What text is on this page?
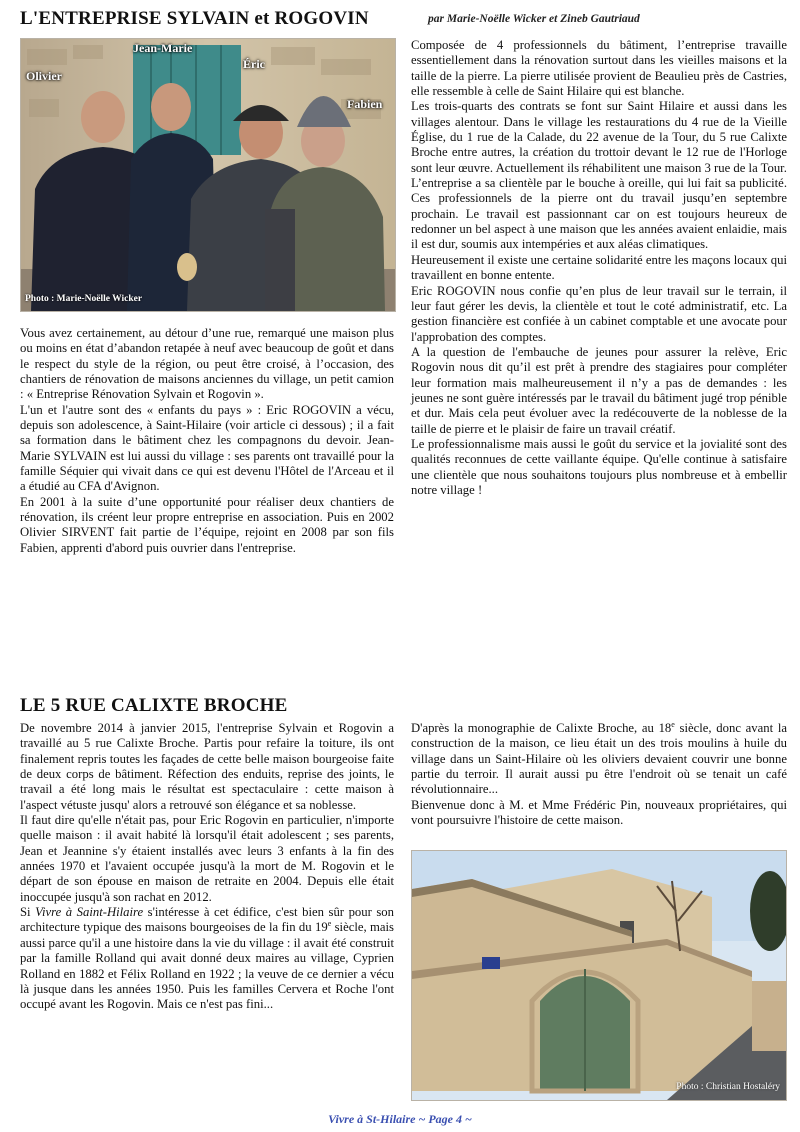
L'ENTREPRISE SYLVAIN et ROGOVIN	par Marie-Noëlle Wicker et Zineb Gautriaud
Olivier
Jean-Marie
Éric
Fabien
Photo : Marie-Noëlle Wicker

Vous avez certainement, au détour d’une rue, remarqué une maison plus ou moins en état d’abandon retapée à neuf avec beaucoup de goût et dans le respect du style de la région, ou peut être croisé, à l’occasion, des chantiers de rénovation de maisons anciennes du village, un petit camion : « Entreprise Rénovation Sylvain et Rogovin ».

L'un et l'autre sont des « enfants du pays » : Eric ROGOVIN a vécu, depuis son adolescence, à Saint-Hilaire (voir article ci dessous) ; il a fait sa formation dans le bâtiment chez les compagnons du devoir. Jean-Marie SYLVAIN est lui aussi du village : ses parents ont travaillé pour la famille Séquier qui vivait dans ce qui est devenu l'Hôtel de l'Arceau et il a étudié au CFA d'Avignon.

En 2001 à la suite d’une opportunité pour réaliser deux chantiers de rénovation, ils créent leur propre entreprise en association. Puis en 2002 Olivier SIRVENT fait partie de l’équipe, rejoint en 2008 par son fils Fabien, apprenti d'abord puis ouvrier dans l'entreprise.

Composée de 4 professionnels du bâtiment, l’entreprise travaille essentiellement dans la rénovation surtout dans les vieilles maisons et la taille de la pierre. La pierre utilisée provient de Beaulieu près de Castries, elle ressemble à celle de Saint Hilaire qui est blanche.

Les trois-quarts des contrats se font sur Saint Hilaire et aussi dans les villages alentour. Dans le village les restaurations du 4 rue de la Vieille Église, du 1 rue de la Calade, du 22 avenue de la Tour, du 5 rue Calixte Broche entre autres, la création du trottoir devant le 12 rue de l'Horloge sont leur œuvre. Actuellement ils réhabilitent une maison 3 rue de la Tour.

L’entreprise a sa clientèle par le bouche à oreille, qui lui fait sa publicité. Ces professionnels de la pierre ont du travail jusqu’en septembre prochain. Le travail est passionnant car on est toujours heureux de redonner un bel aspect à une maison que les années avaient enlaidie, mais il est dur, soumis aux intempéries et aux aléas climatiques.

Heureusement il existe une certaine solidarité entre les maçons locaux qui travaillent en bonne entente.

Eric ROGOVIN nous confie qu’en plus de leur travail sur le terrain, il leur faut gérer les devis, la clientèle et tout le coté administratif, etc. La gestion financière est confiée à un cabinet comptable et une avocate pour l'approbation des comptes.

A la question de l'embauche de jeunes pour assurer la relève, Eric Rogovin nous dit qu’il est prêt à prendre des stagiaires pour compléter leur formation mais malheureusement il n’y a pas de demandes : les jeunes ne sont guère intéressés par le travail du bâtiment jugé trop pénible et dur. Mais cela peut évoluer avec la redécouverte de la noblesse de la taille de pierre et le plaisir de faire un travail créatif.

Le professionnalisme mais aussi le goût du service et la jovialité sont des qualités reconnues de cette vaillante équipe. Qu'elle continue à satisfaire une clientèle que nous souhaitons toujours plus nombreuse et à embellir notre village !

LE 5 RUE CALIXTE BROCHE

De novembre 2014 à janvier 2015, l'entreprise Sylvain et Rogovin a travaillé au 5 rue Calixte Broche. Partis pour refaire la toiture, ils ont finalement repris toutes les façades de cette belle maison bourgeoise faite de deux corps de bâtiment. Réfection des enduits, reprise des joints, le travail a été long mais le résultat est spectaculaire : cette maison à l'aspect vétuste jusqu' alors a retrouvé son élégance et sa noblesse.

Il faut dire qu'elle n'était pas, pour Eric Rogovin en particulier, n'importe quelle maison : il avait habité là lorsqu'il était adolescent ; ses parents, Jean et Jeannine s'y étaient installés avec leurs 3 enfants à la fin des années 1970 et l'avaient occupée jusqu'à la mort de M. Rogovin et le départ de son épouse en maison de retraite en 2004. Depuis elle était inoccupée jusqu'à son rachat en 2012.

Si Vivre à Saint-Hilaire s'intéresse à cet édifice, c'est bien sûr pour son architecture typique des maisons bourgeoises de la fin du 19e siècle, mais aussi parce qu'il a une histoire dans la vie du village : il avait été construit par la famille Rolland qui avait donné deux maires au village, Cyprien Rolland en 1882 et Félix Rolland en 1922 ; la veuve de ce dernier a vécu là jusque dans les années 1950. Puis les familles Cervera et Roche l'ont occupé avant les Rogovin. Mais ce n'est pas fini...

D'après la monographie de Calixte Broche, au 18e siècle, donc avant la construction de la maison, ce lieu était un des trois moulins à huile du village dans un Saint-Hilaire où les oliviers devaient couvrir une bonne partie du terroir. Il aurait aussi pu être l'endroit où se tenait un café révolutionnaire...

Bienvenue donc à M. et Mme Frédéric Pin, nouveaux propriétaires, qui vont poursuivre l'histoire de cette maison.

Photo : Christian Hostaléry
Vivre à St-Hilaire ~ Page 4 ~
